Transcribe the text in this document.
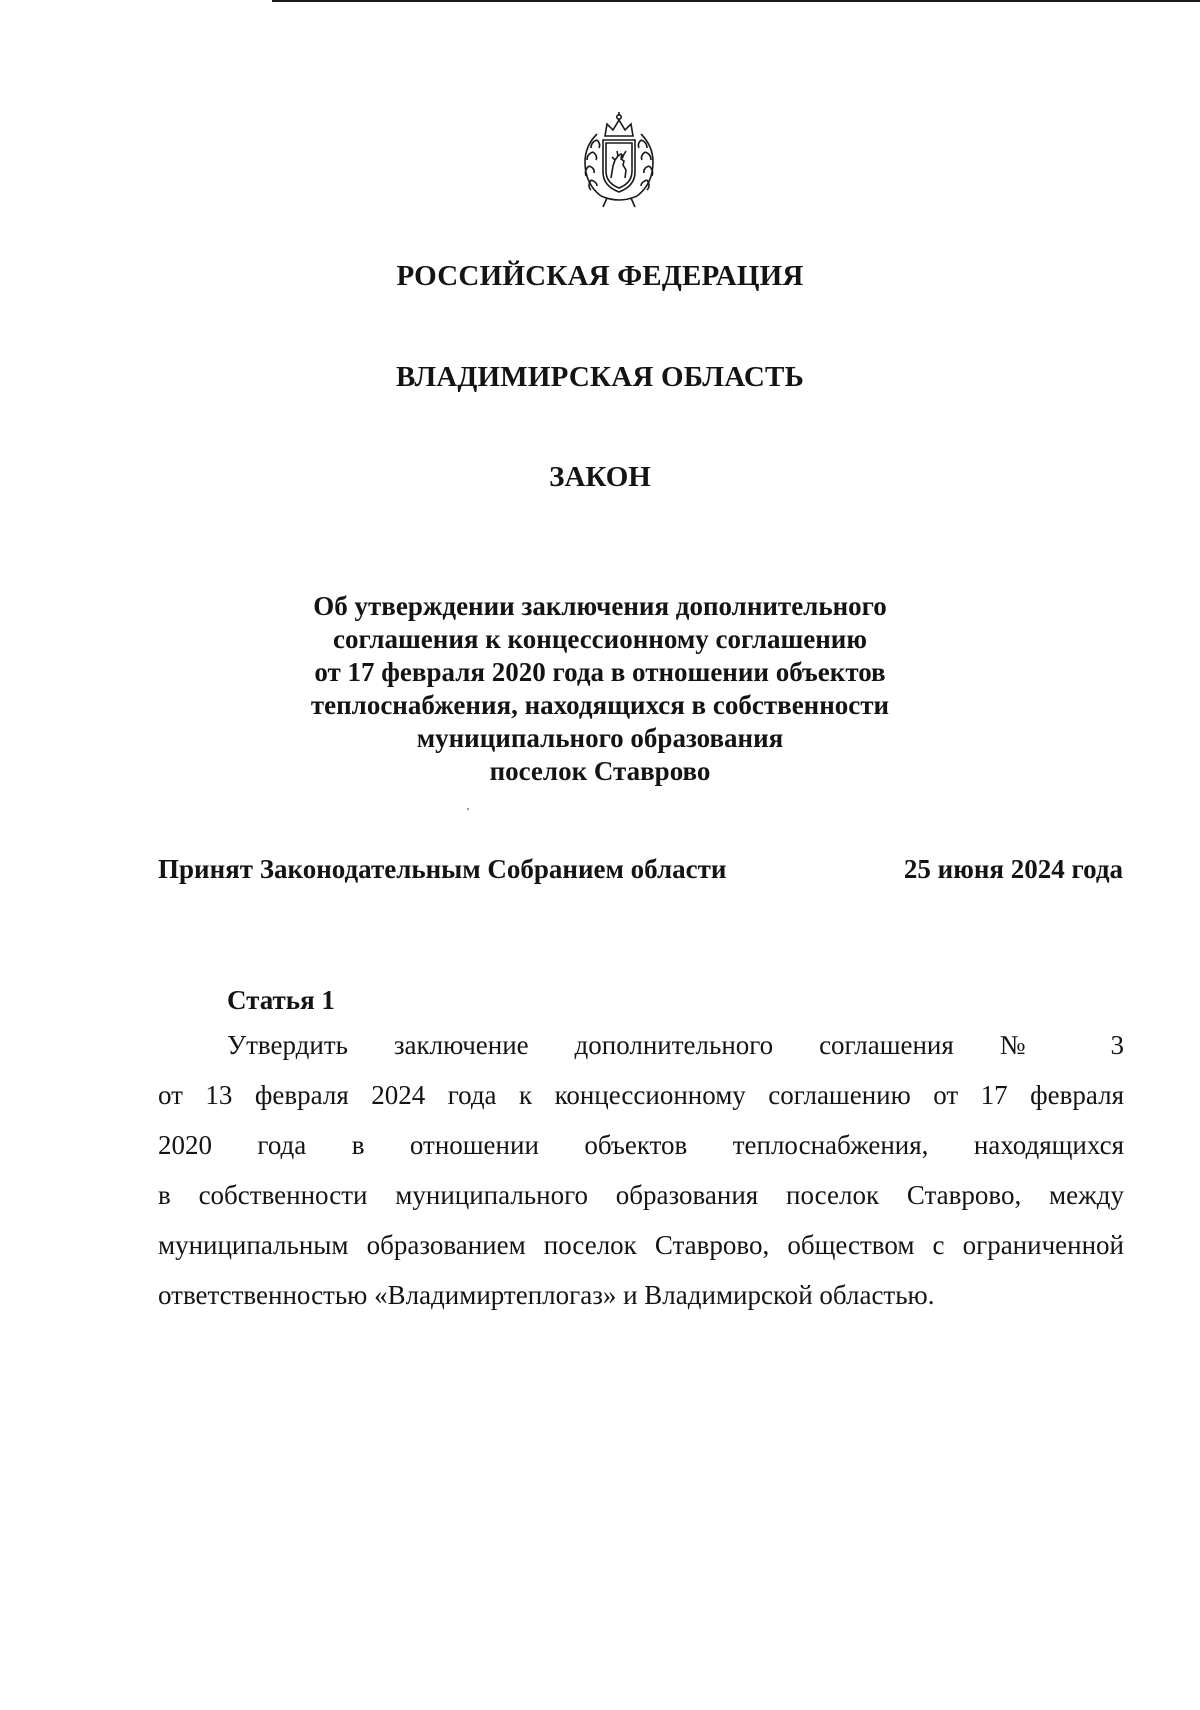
РОССИЙСКАЯ ФЕДЕРАЦИЯ
ВЛАДИМИРСКАЯ ОБЛАСТЬ
ЗАКОН
Об утверждении заключения дополнительного
соглашения к концессионному соглашению
от 17 февраля 2020 года в отношении объектов
теплоснабжения, находящихся в собственности
муниципального образования
поселок Ставрово
Принят Законодательным Собранием области	25 июня 2024 года
Статья 1
Утвердить заключение дополнительного соглашения № 3
от 13 февраля 2024 года к концессионному соглашению от 17 февраля
2020 года в отношении объектов теплоснабжения, находящихся
в собственности муниципального образования поселок Ставрово, между
муниципальным образованием поселок Ставрово, обществом с ограниченной
ответственностью «Владимиртеплогаз» и Владимирской областью.
